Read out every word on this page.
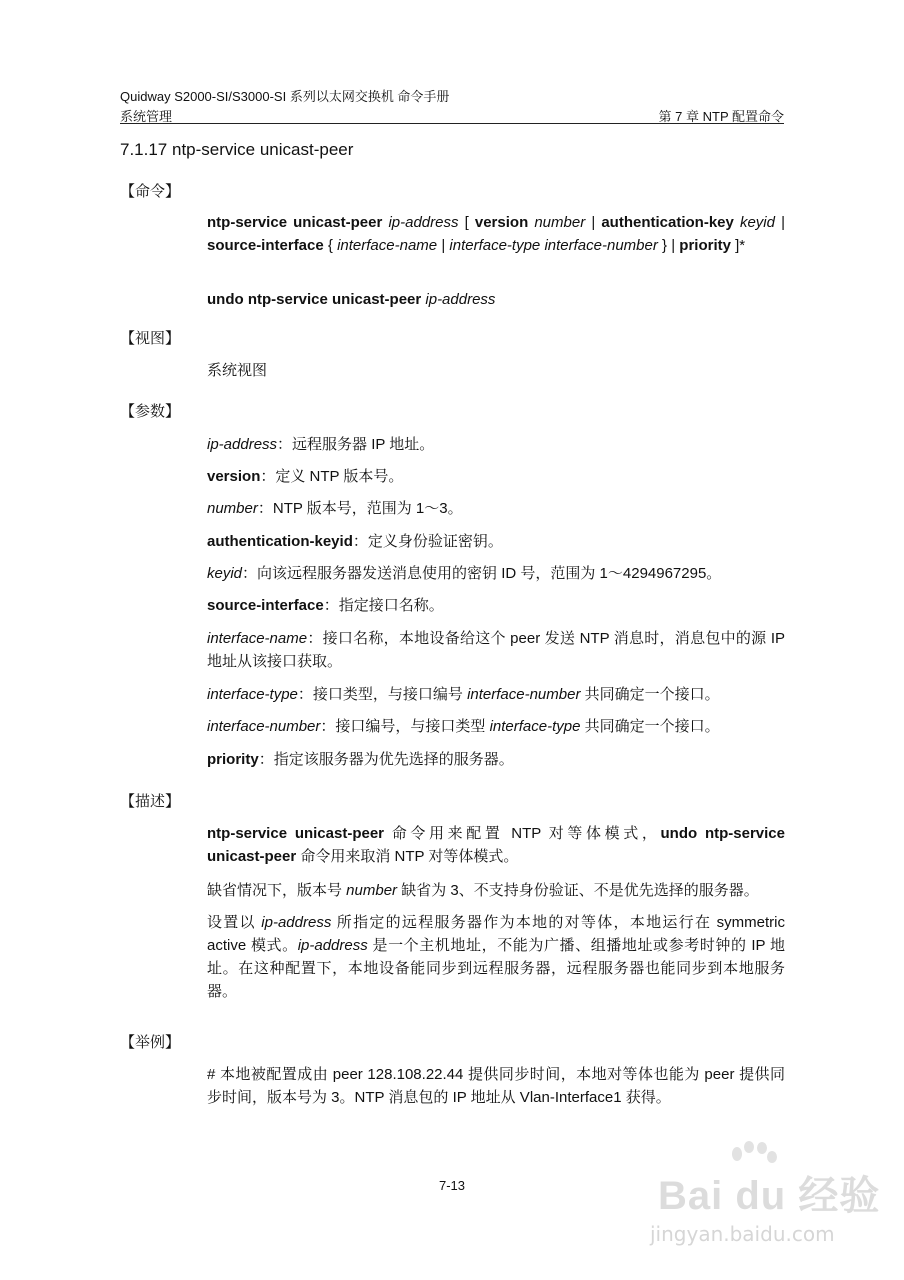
Quidway S2000-SI/S3000-SI 系列以太网交换机 命令手册
系统管理	第 7 章 NTP 配置命令
7.1.17 ntp-service unicast-peer
【命令】
ntp-service unicast-peer ip-address [ version number | authentication-key keyid | source-interface { interface-name | interface-type interface-number } | priority ]*
undo ntp-service unicast-peer ip-address
【视图】
系统视图
【参数】
ip-address：远程服务器 IP 地址。
version：定义 NTP 版本号。
number：NTP 版本号，范围为 1～3。
authentication-keyid：定义身份验证密钥。
keyid：向该远程服务器发送消息使用的密钥 ID 号，范围为 1～4294967295。
source-interface：指定接口名称。
interface-name：接口名称，本地设备给这个 peer 发送 NTP 消息时，消息包中的源 IP 地址从该接口获取。
interface-type：接口类型，与接口编号 interface-number 共同确定一个接口。
interface-number：接口编号，与接口类型 interface-type 共同确定一个接口。
priority：指定该服务器为优先选择的服务器。
【描述】
ntp-service unicast-peer 命令用来配置 NTP 对等体模式，undo ntp-service unicast-peer 命令用来取消 NTP 对等体模式。
缺省情况下，版本号 number 缺省为 3、不支持身份验证、不是优先选择的服务器。
设置以 ip-address 所指定的远程服务器作为本地的对等体，本地运行在 symmetric active 模式。ip-address 是一个主机地址，不能为广播、组播地址或参考时钟的 IP 地址。在这种配置下，本地设备能同步到远程服务器，远程服务器也能同步到本地服务器。
【举例】
# 本地被配置成由 peer 128.108.22.44 提供同步时间，本地对等体也能为 peer 提供同步时间，版本号为 3。NTP 消息包的 IP 地址从 Vlan-Interface1 获得。
7-13	Bai du 经验
jingyan.baidu.com
